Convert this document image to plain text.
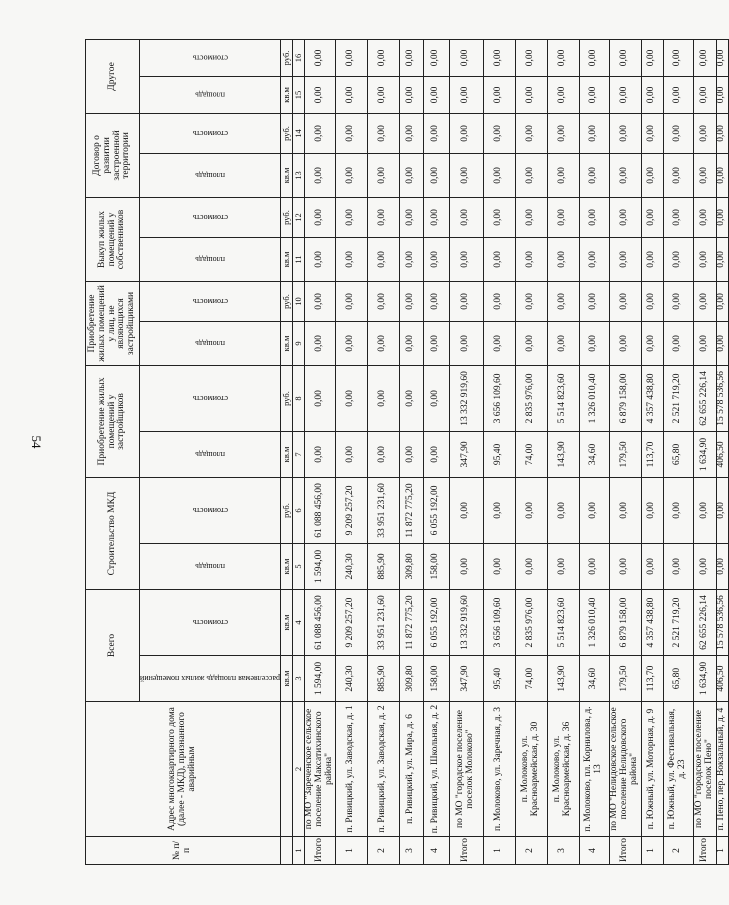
54
№ п/п	Адрес многоквартирного дома (далее - МКД), признанного аварийным	Всего		Строительство МКД		Приобретение жилых помещений у застройщиков		Приобретение жилых помещений у лиц, не являющихся застройщиками		Выкуп жилых помещений у собственников		Договор о развитии застроенной территории		Другое	
		расселяемая площадь жилых помещений	стоимость	площадь	стоимость	площадь	стоимость	площадь	стоимость	площадь	стоимость	площадь	стоимость	площадь	стоимость
		кв.м	кв.м	кв.м	руб.	кв.м	руб.	кв.м	руб.	кв.м	руб.	кв.м	руб.	кв.м	руб.
1	2	3	4	5	6	7	8	9	10	11	12	13	14	15	16
Итого	по МО "Зареченское сельское поселение Максатихинского района"	1 594,00	61 088 456,00	1 594,00	61 088 456,00	0,00	0,00	0,00	0,00	0,00	0,00	0,00	0,00	0,00	0,00
1	п. Ривицкий, ул. Заводская, д. 1	240,30	9 209 257,20	240,30	9 209 257,20	0,00	0,00	0,00	0,00	0,00	0,00	0,00	0,00	0,00	0,00
2	п. Ривицкий, ул. Заводская, д. 2	885,90	33 951 231,60	885,90	33 951 231,60	0,00	0,00	0,00	0,00	0,00	0,00	0,00	0,00	0,00	0,00
3	п. Ривицкий, ул. Мира, д. 6	309,80	11 872 775,20	309,80	11 872 775,20	0,00	0,00	0,00	0,00	0,00	0,00	0,00	0,00	0,00	0,00
4	п. Ривицкий, ул. Школьная, д. 2	158,00	6 055 192,00	158,00	6 055 192,00	0,00	0,00	0,00	0,00	0,00	0,00	0,00	0,00	0,00	0,00
Итого	по МО "городское поселение поселок Молоково"	347,90	13 332 919,60	0,00	0,00	347,90	13 332 919,60	0,00	0,00	0,00	0,00	0,00	0,00	0,00	0,00
1	п. Молоково, ул. Заречная, д. 3	95,40	3 656 109,60	0,00	0,00	95,40	3 656 109,60	0,00	0,00	0,00	0,00	0,00	0,00	0,00	0,00
2	п. Молоково, ул. Красноармейская, д. 30	74,00	2 835 976,00	0,00	0,00	74,00	2 835 976,00	0,00	0,00	0,00	0,00	0,00	0,00	0,00	0,00
3	п. Молоково, ул. Красноармейская, д. 36	143,90	5 514 823,60	0,00	0,00	143,90	5 514 823,60	0,00	0,00	0,00	0,00	0,00	0,00	0,00	0,00
4	п. Молоково, пл. Корнилова, д. 13	34,60	1 326 010,40	0,00	0,00	34,60	1 326 010,40	0,00	0,00	0,00	0,00	0,00	0,00	0,00	0,00
Итого	по МО "Нелидовское сельское поселение Нелидовского района"	179,50	6 879 158,00	0,00	0,00	179,50	6 879 158,00	0,00	0,00	0,00	0,00	0,00	0,00	0,00	0,00
1	п. Южный, ул. Моторная, д. 9	113,70	4 357 438,80	0,00	0,00	113,70	4 357 438,80	0,00	0,00	0,00	0,00	0,00	0,00	0,00	0,00
2	п. Южный, ул. Фестивальная, д. 23	65,80	2 521 719,20	0,00	0,00	65,80	2 521 719,20	0,00	0,00	0,00	0,00	0,00	0,00	0,00	0,00
Итого	по МО "городское поселение поселок Пено"	1 634,90	62 655 226,14	0,00	0,00	1 634,90	62 655 226,14	0,00	0,00	0,00	0,00	0,00	0,00	0,00	0,00
1	п. Пено, пер. Вокзальный, д. 4	406,50	15 578 536,56	0,00	0,00	406,50	15 578 536,56	0,00	0,00	0,00	0,00	0,00	0,00	0,00	0,00
